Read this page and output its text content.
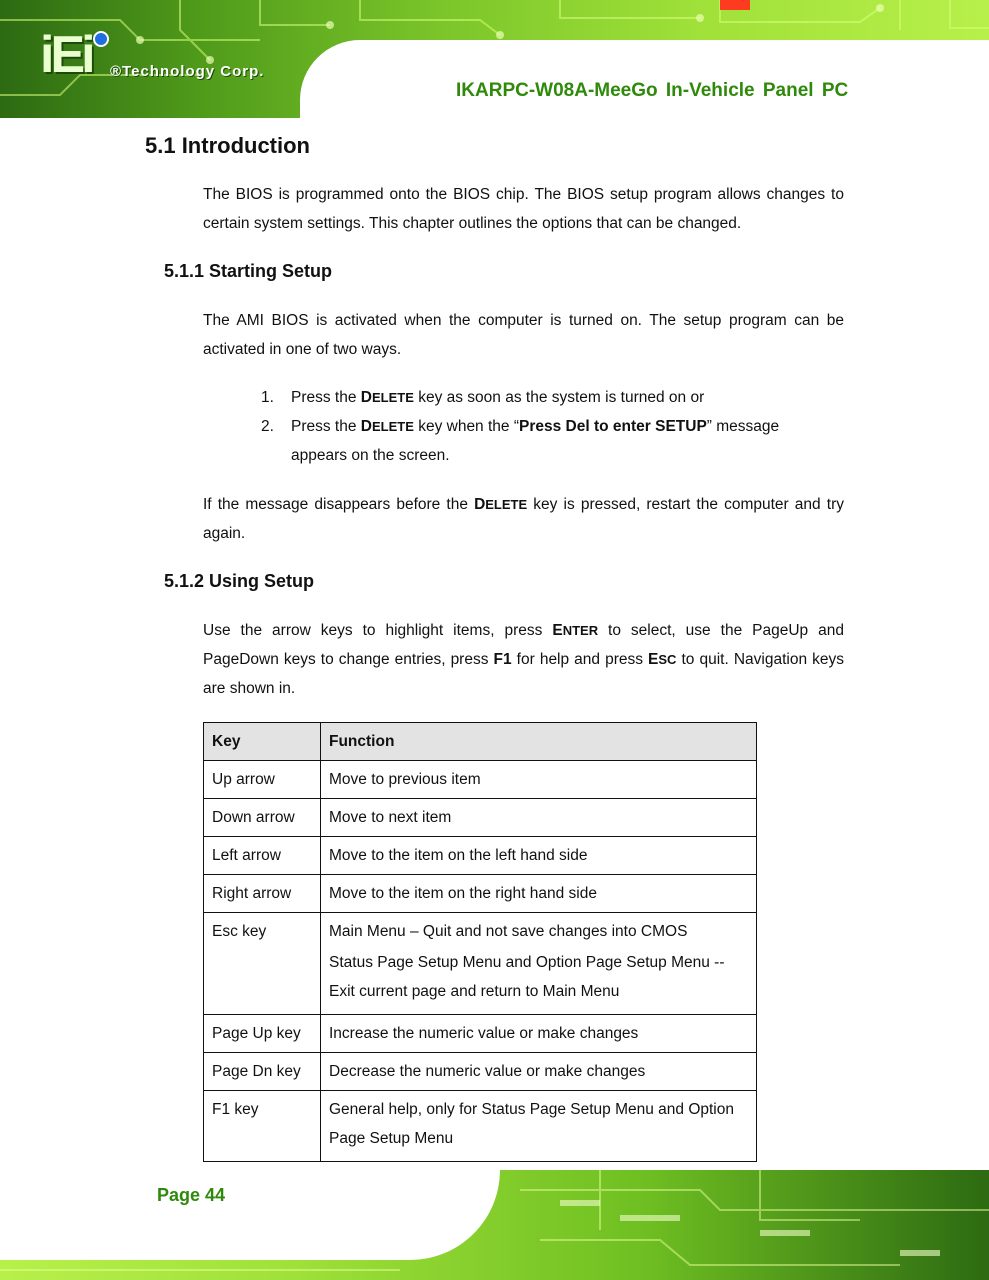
iEi	®Technology Corp.
IKARPC-W08A-MeeGo In-Vehicle Panel PC
5.1 Introduction

The BIOS is programmed onto the BIOS chip. The BIOS setup program allows changes to certain system settings. This chapter outlines the options that can be changed.

5.1.1 Starting Setup

The AMI BIOS is activated when the computer is turned on. The setup program can be activated in one of two ways.

1. Press the DELETE key as soon as the system is turned on or
2. Press the DELETE key when the “Press Del to enter SETUP” message appears on the screen.

If the message disappears before the DELETE key is pressed, restart the computer and try again.

5.1.2 Using Setup

Use the arrow keys to highlight items, press ENTER to select, use the PageUp and PageDown keys to change entries, press F1 for help and press ESC to quit. Navigation keys are shown in.

Key	Function
Up arrow	Move to previous item
Down arrow	Move to next item
Left arrow	Move to the item on the left hand side
Right arrow	Move to the item on the right hand side
Esc key	Main Menu – Quit and not save changes into CMOS

Status Page Setup Menu and Option Page Setup Menu -- Exit current page and return to Main Menu

Page Up key	Increase the numeric value or make changes
Page Dn key	Decrease the numeric value or make changes
F1 key	General help, only for Status Page Setup Menu and Option Page Setup Menu

Page 44
